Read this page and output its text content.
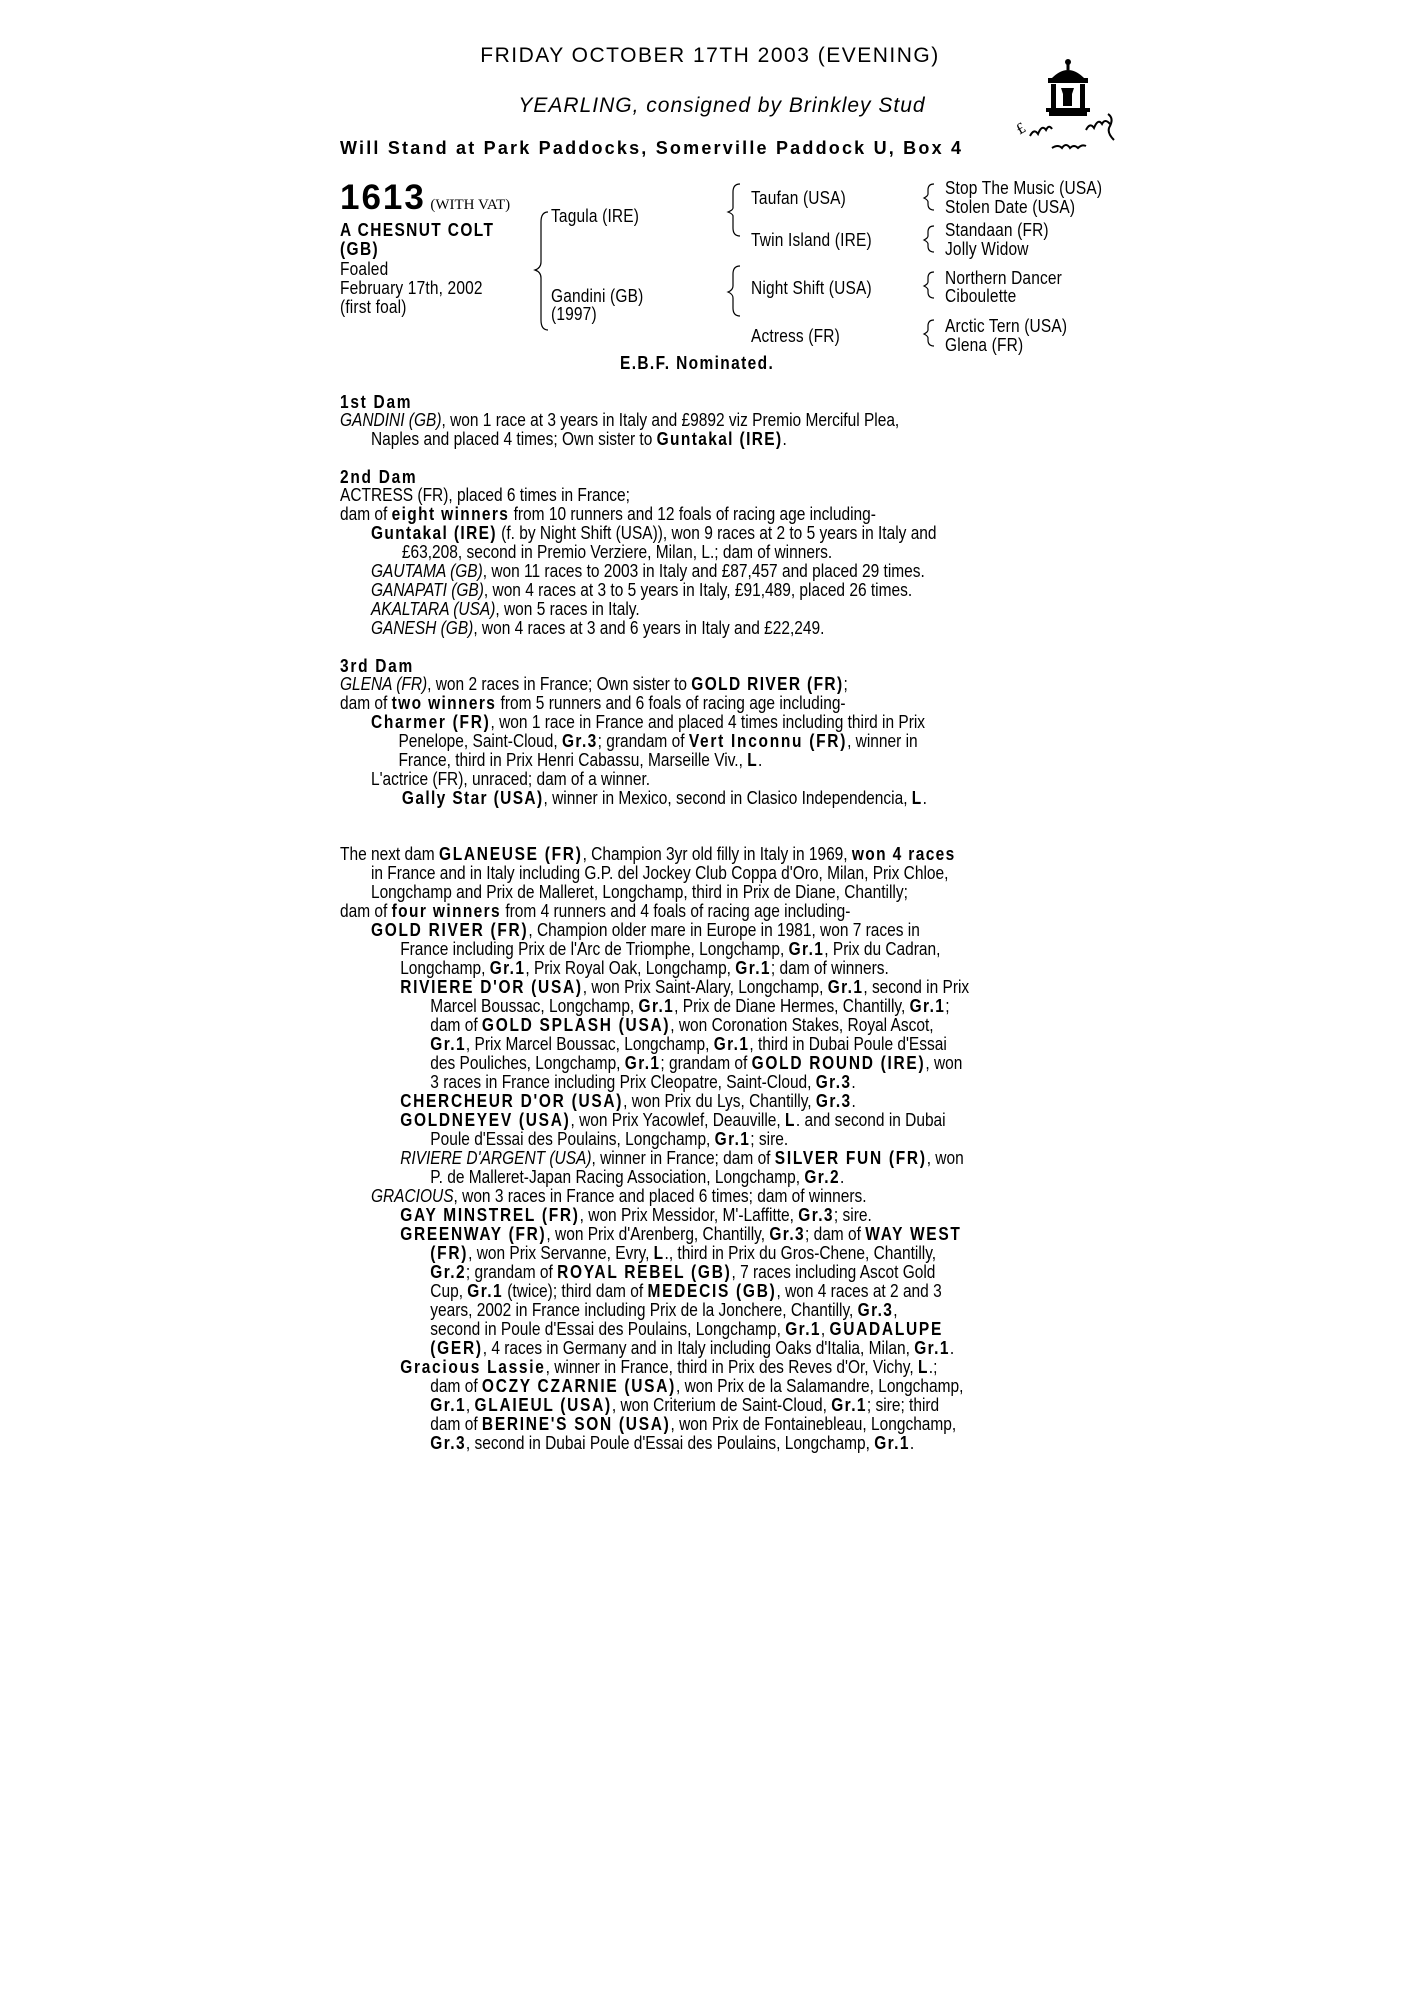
FRIDAY OCTOBER 17TH 2003 (EVENING)
YEARLING, consigned by Brinkley Stud
Will Stand at Park Paddocks, Somerville Paddock U, Box 4
£
1613 (WITH VAT)
A CHESNUT COLT
(GB)
Foaled
February 17th, 2002
(first foal)
Tagula (IRE)
Gandini (GB)
(1997)
Taufan (USA)
Twin Island (IRE)
Night Shift (USA)
Actress (FR)
Stop The Music (USA)
Stolen Date (USA)
Standaan (FR)
Jolly Widow
Northern Dancer
Ciboulette
Arctic Tern (USA)
Glena (FR)
E.B.F. Nominated.
1st Dam
GANDINI (GB), won 1 race at 3 years in Italy and £9892 viz Premio Merciful Plea,
Naples and placed 4 times; Own sister to Guntakal (IRE).
2nd Dam
ACTRESS (FR), placed 6 times in France;
dam of eight winners from 10 runners and 12 foals of racing age including-
Guntakal (IRE) (f. by Night Shift (USA)), won 9 races at 2 to 5 years in Italy and
£63,208, second in Premio Verziere, Milan, L.; dam of winners.
GAUTAMA (GB), won 11 races to 2003 in Italy and £87,457 and placed 29 times.
GANAPATI (GB), won 4 races at 3 to 5 years in Italy, £91,489, placed 26 times.
AKALTARA (USA), won 5 races in Italy.
GANESH (GB), won 4 races at 3 and 6 years in Italy and £22,249.
3rd Dam
GLENA (FR), won 2 races in France; Own sister to GOLD RIVER (FR);
dam of two winners from 5 runners and 6 foals of racing age including-
Charmer (FR), won 1 race in France and placed 4 times including third in Prix
Penelope, Saint-Cloud, Gr.3; grandam of Vert Inconnu (FR), winner in
France, third in Prix Henri Cabassu, Marseille Viv., L.
L'actrice (FR), unraced; dam of a winner.
Gally Star (USA), winner in Mexico, second in Clasico Independencia, L.
The next dam GLANEUSE (FR), Champion 3yr old filly in Italy in 1969, won 4 races
in France and in Italy including G.P. del Jockey Club Coppa d'Oro, Milan, Prix Chloe,
Longchamp and Prix de Malleret, Longchamp, third in Prix de Diane, Chantilly;
dam of four winners from 4 runners and 4 foals of racing age including-
GOLD RIVER (FR), Champion older mare in Europe in 1981, won 7 races in
France including Prix de l'Arc de Triomphe, Longchamp, Gr.1, Prix du Cadran,
Longchamp, Gr.1, Prix Royal Oak, Longchamp, Gr.1; dam of winners.
RIVIERE D'OR (USA), won Prix Saint-Alary, Longchamp, Gr.1, second in Prix
Marcel Boussac, Longchamp, Gr.1, Prix de Diane Hermes, Chantilly, Gr.1;
dam of GOLD SPLASH (USA), won Coronation Stakes, Royal Ascot,
Gr.1, Prix Marcel Boussac, Longchamp, Gr.1, third in Dubai Poule d'Essai
des Pouliches, Longchamp, Gr.1; grandam of GOLD ROUND (IRE), won
3 races in France including Prix Cleopatre, Saint-Cloud, Gr.3.
CHERCHEUR D'OR (USA), won Prix du Lys, Chantilly, Gr.3.
GOLDNEYEV (USA), won Prix Yacowlef, Deauville, L. and second in Dubai
Poule d'Essai des Poulains, Longchamp, Gr.1; sire.
RIVIERE D'ARGENT (USA), winner in France; dam of SILVER FUN (FR), won
P. de Malleret-Japan Racing Association, Longchamp, Gr.2.
GRACIOUS, won 3 races in France and placed 6 times; dam of winners.
GAY MINSTREL (FR), won Prix Messidor, M'-Laffitte, Gr.3; sire.
GREENWAY (FR), won Prix d'Arenberg, Chantilly, Gr.3; dam of WAY WEST
(FR), won Prix Servanne, Evry, L., third in Prix du Gros-Chene, Chantilly,
Gr.2; grandam of ROYAL REBEL (GB), 7 races including Ascot Gold
Cup, Gr.1 (twice); third dam of MEDECIS (GB), won 4 races at 2 and 3
years, 2002 in France including Prix de la Jonchere, Chantilly, Gr.3,
second in Poule d'Essai des Poulains, Longchamp, Gr.1, GUADALUPE
(GER), 4 races in Germany and in Italy including Oaks d'Italia, Milan, Gr.1.
Gracious Lassie, winner in France, third in Prix des Reves d'Or, Vichy, L.;
dam of OCZY CZARNIE (USA), won Prix de la Salamandre, Longchamp,
Gr.1, GLAIEUL (USA), won Criterium de Saint-Cloud, Gr.1; sire; third
dam of BERINE'S SON (USA), won Prix de Fontainebleau, Longchamp,
Gr.3, second in Dubai Poule d'Essai des Poulains, Longchamp, Gr.1.
